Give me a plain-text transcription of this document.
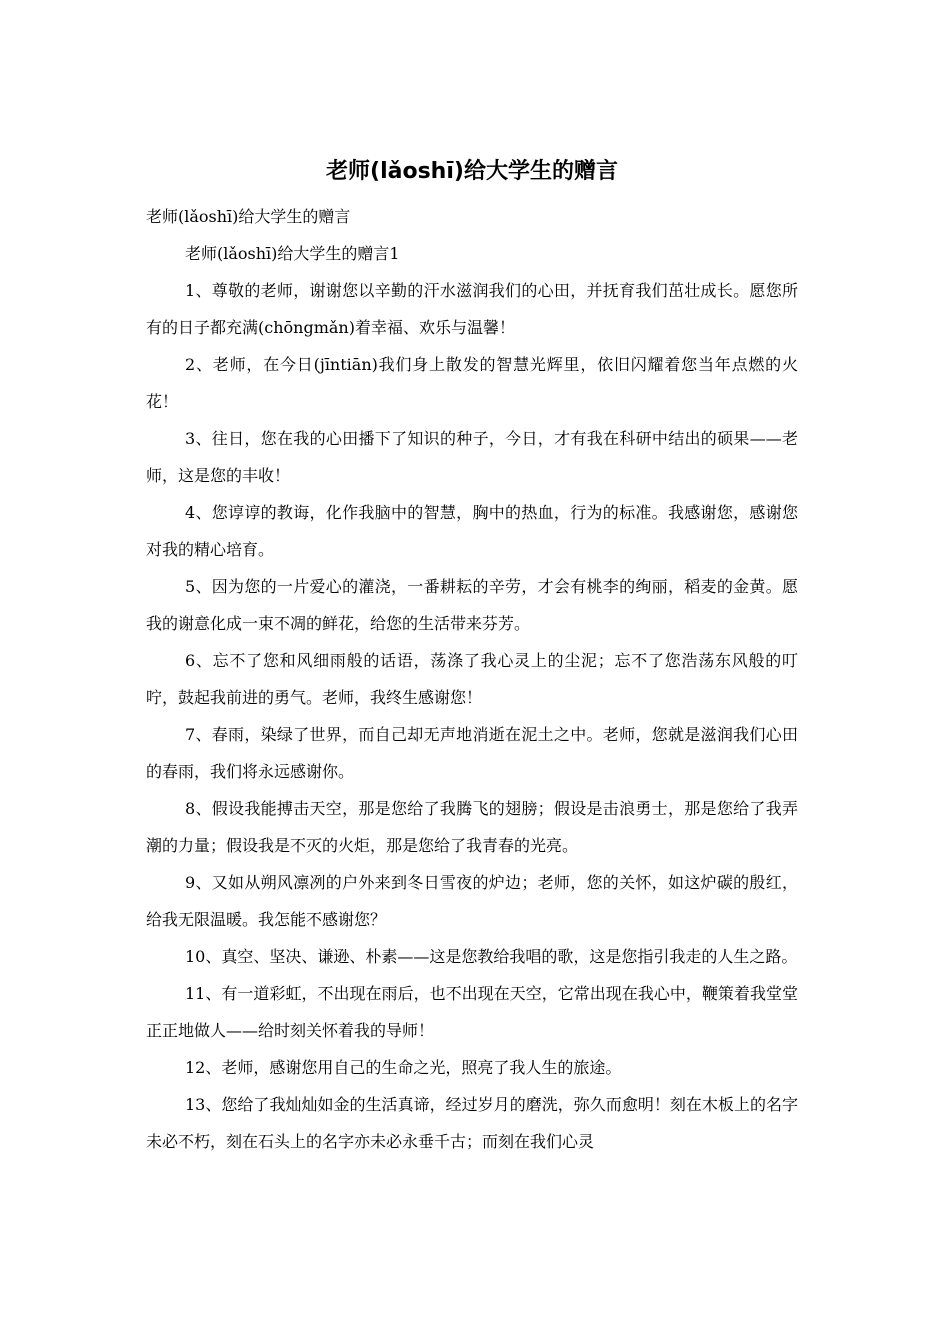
老师(lǎoshī)给大学生的赠言

老师(lǎoshī)给大学生的赠言

老师(lǎoshī)给大学生的赠言1

1、尊敬的老师，谢谢您以辛勤的汗水滋润我们的心田，并抚育我们茁壮成长。愿您所有的日子都充满(chōngmǎn)着幸福、欢乐与温馨！

2、老师，在今日(jīntiān)我们身上散发的智慧光辉里，依旧闪耀着您当年点燃的火花！

3、往日，您在我的心田播下了知识的种子，今日，才有我在科研中结出的硕果——老师，这是您的丰收！

4、您谆谆的教诲，化作我脑中的智慧，胸中的热血，行为的标准。我感谢您，感谢您对我的精心培育。

5、因为您的一片爱心的灌浇，一番耕耘的辛劳，才会有桃李的绚丽，稻麦的金黄。愿我的谢意化成一束不凋的鲜花，给您的生活带来芬芳。

6、忘不了您和风细雨般的话语，荡涤了我心灵上的尘泥；忘不了您浩荡东风般的叮咛，鼓起我前进的勇气。老师，我终生感谢您！

7、春雨，染绿了世界，而自己却无声地消逝在泥土之中。老师，您就是滋润我们心田的春雨，我们将永远感谢你。

8、假设我能搏击天空，那是您给了我腾飞的翅膀；假设是击浪勇士，那是您给了我弄潮的力量；假设我是不灭的火炬，那是您给了我青春的光亮。

9、又如从朔风凛冽的户外来到冬日雪夜的炉边；老师，您的关怀，如这炉碳的殷红，给我无限温暖。我怎能不感谢您？

10、真空、坚决、谦逊、朴素——这是您教给我唱的歌，这是您指引我走的人生之路。

11、有一道彩虹，不出现在雨后，也不出现在天空，它常出现在我心中，鞭策着我堂堂正正地做人——给时刻关怀着我的导师！

12、老师，感谢您用自己的生命之光，照亮了我人生的旅途。

13、您给了我灿灿如金的生活真谛，经过岁月的磨洗，弥久而愈明！刻在木板上的名字未必不朽，刻在石头上的名字亦未必永垂千古；而刻在我们心灵
